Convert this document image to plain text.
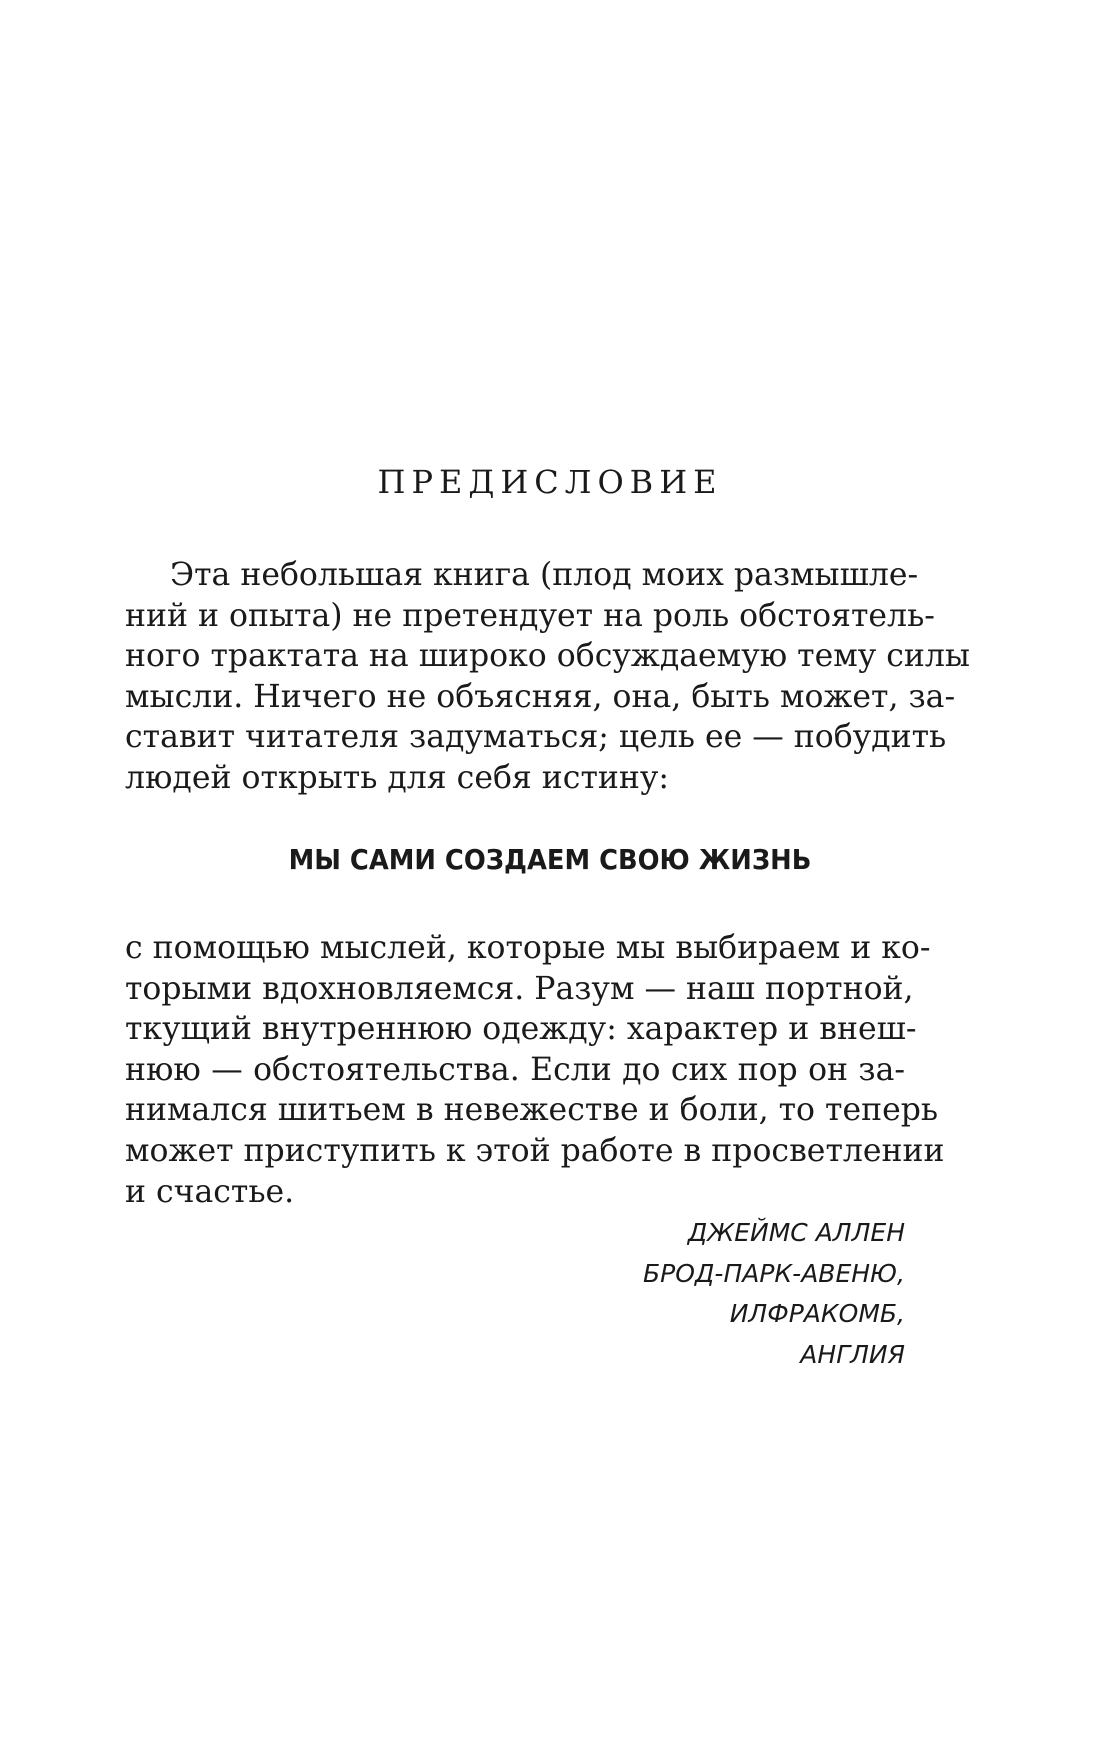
ПРЕДИСЛОВИЕ
Эта небольшая книга (плод моих размышле-
ний и опыта) не претендует на роль обстоятель-
ного трактата на широко обсуждаемую тему силы
мысли. Ничего не объясняя, она, быть может, за-
ставит читателя задуматься; цель ее — побудить
людей открыть для себя истину:

МЫ САМИ СОЗДАЕМ СВОЮ ЖИЗНЬ

с помощью мыслей, которые мы выбираем и ко-
торыми вдохновляемся. Разум — наш портной,
ткущий внутреннюю одежду: характер и внеш-
нюю — обстоятельства. Если до сих пор он за-
нимался шитьем в невежестве и боли, то теперь
может приступить к этой работе в просветлении
и счастье.
ДЖЕЙМС АЛЛЕН
БРОД-ПАРК-АВЕНЮ,
ИЛФРАКОМБ,
АНГЛИЯ
